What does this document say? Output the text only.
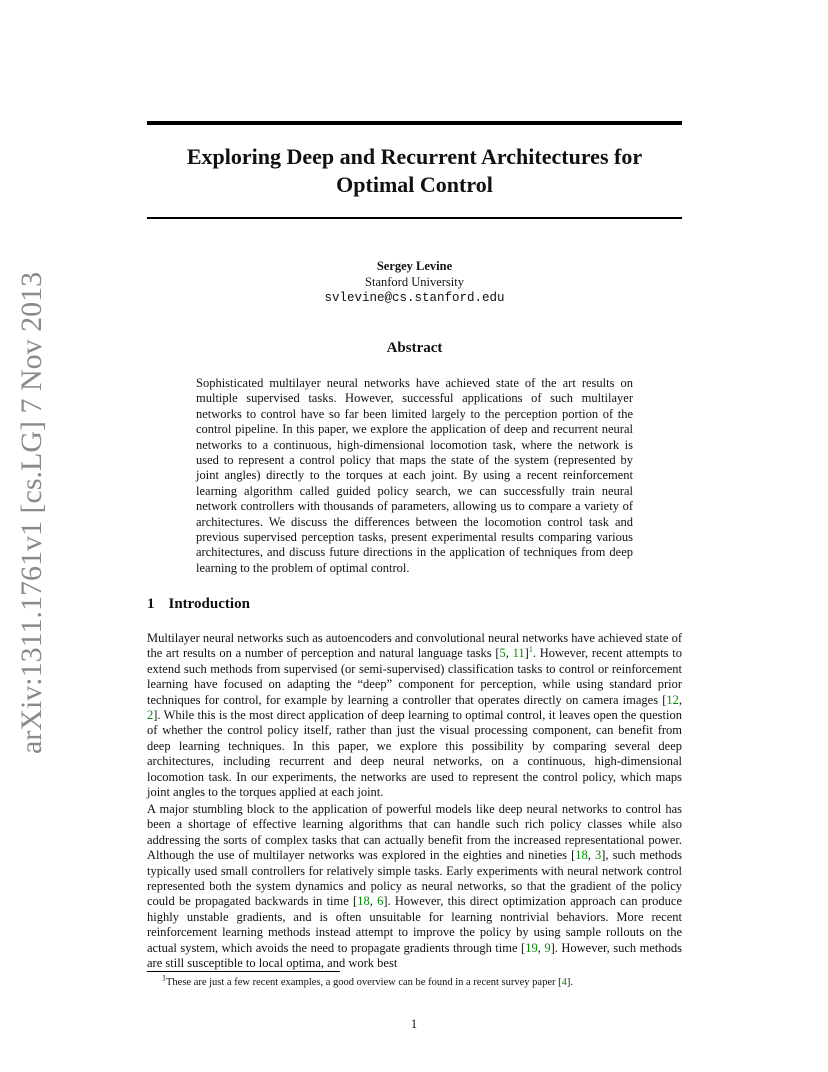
arXiv:1311.1761v1 [cs.LG] 7 Nov 2013
Exploring Deep and Recurrent Architectures for
Optimal Control
Sergey Levine
Stanford University
svlevine@cs.stanford.edu
Abstract

Sophisticated multilayer neural networks have achieved state of the art results on multiple supervised tasks. However, successful applications of such multilayer networks to control have so far been limited largely to the perception portion of the control pipeline. In this paper, we explore the application of deep and recurrent neural networks to a continuous, high-dimensional locomotion task, where the network is used to represent a control policy that maps the state of the system (represented by joint angles) directly to the torques at each joint. By using a recent reinforcement learning algorithm called guided policy search, we can successfully train neural network controllers with thousands of parameters, allowing us to compare a variety of architectures. We discuss the differences between the locomotion control task and previous supervised perception tasks, present experimental results comparing various architectures, and discuss future directions in the application of techniques from deep learning to the problem of optimal control.

1 Introduction

Multilayer neural networks such as autoencoders and convolutional neural networks have achieved state of the art results on a number of perception and natural language tasks [5, 11]$^1$. However, recent attempts to extend such methods from supervised (or semi-supervised) classification tasks to control or reinforcement learning have focused on adapting the “deep” component for perception, while using standard prior techniques for control, for example by learning a controller that operates directly on camera images [12, 2]. While this is the most direct application of deep learning to optimal control, it leaves open the question of whether the control policy itself, rather than just the visual processing component, can benefit from deep learning techniques. In this paper, we explore this possibility by comparing several deep architectures, including recurrent and deep neural networks, on a continuous, high-dimensional locomotion task. In our experiments, the networks are used to represent the control policy, which maps joint angles to the torques applied at each joint.

A major stumbling block to the application of powerful models like deep neural networks to control has been a shortage of effective learning algorithms that can handle such rich policy classes while also addressing the sorts of complex tasks that can actually benefit from the increased representational power. Although the use of multilayer networks was explored in the eighties and nineties [18, 3], such methods typically used small controllers for relatively simple tasks. Early experiments with neural network control represented both the system dynamics and policy as neural networks, so that the gradient of the policy could be propagated backwards in time [18, 6]. However, this direct optimization approach can produce highly unstable gradients, and is often unsuitable for learning nontrivial behaviors. More recent reinforcement learning methods instead attempt to improve the policy by using sample rollouts on the actual system, which avoids the need to propagate gradients through time [19, 9]. However, such methods are still susceptible to local optima, and work best

$^1$These are just a few recent examples, a good overview can be found in a recent survey paper [4].

1
